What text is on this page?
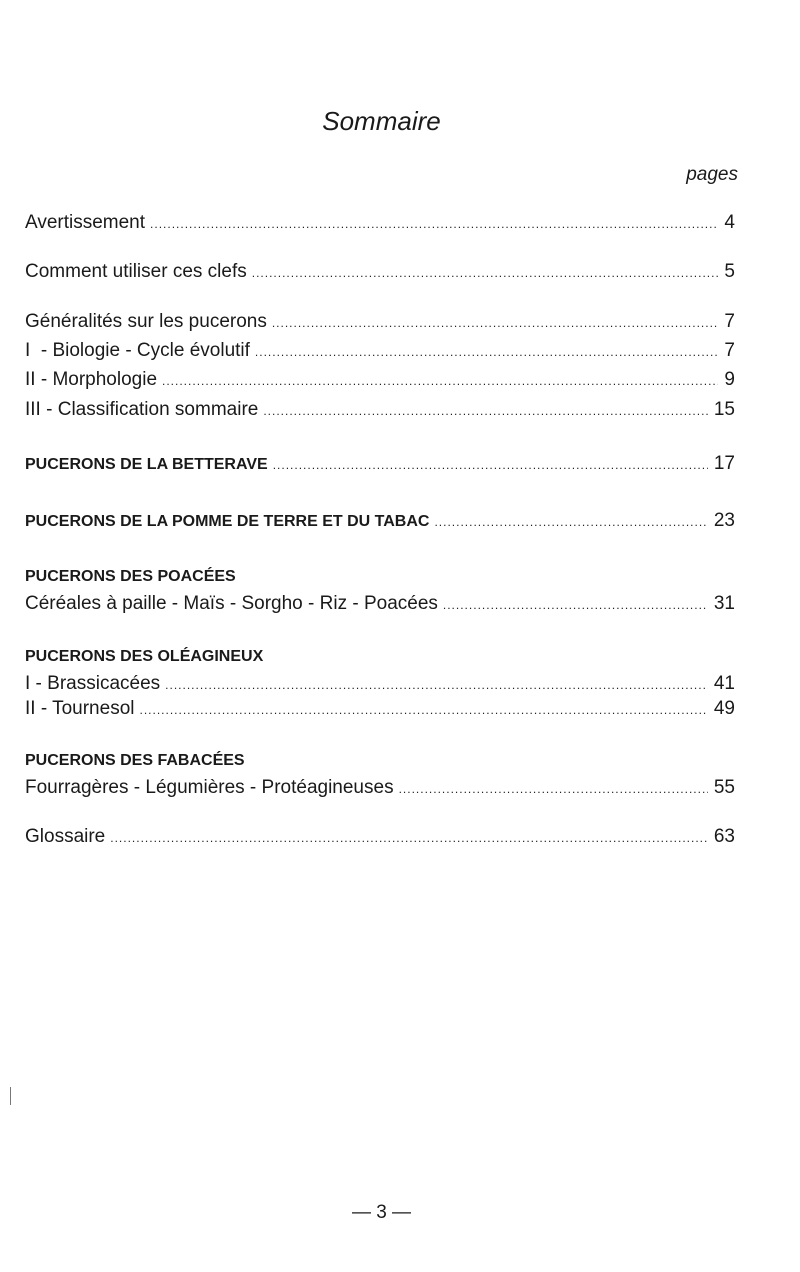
Sommaire
pages
Avertissement .....	4
Comment utiliser ces clefs .....	5
Généralités sur les pucerons .....	7
I  - Biologie - Cycle évolutif .....	7
II - Morphologie .....	9
III - Classification sommaire .....	15
PUCERONS DE LA BETTERAVE .....	17
PUCERONS DE LA POMME DE TERRE ET DU TABAC .....	23
PUCERONS DES POACÉES
Céréales à paille - Maïs - Sorgho - Riz - Poacées .....	31
PUCERONS DES OLÉAGINEUX
I - Brassicacées .....	41
II - Tournesol .....	49
PUCERONS DES FABACÉES
Fourragères - Légumières - Protéagineuses .....	55
Glossaire .....	63
— 3 —
